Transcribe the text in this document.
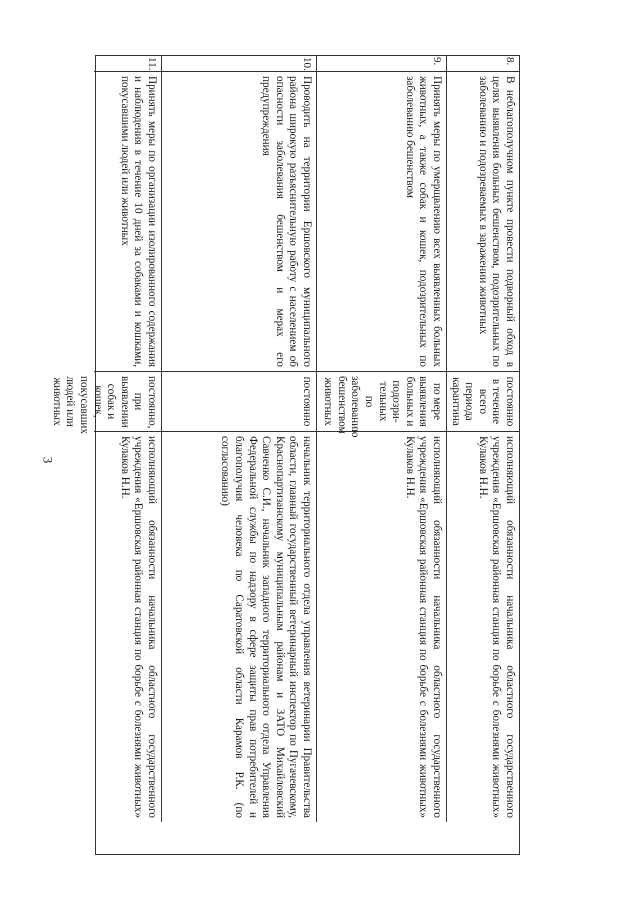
3
8.
В неблагополучном пункте провести подворный обход в целях выявления больных бешенством, подозрительных по заболеванию и подозреваемых в заражении животных
постоянно в течение всего периода карантина
исполняющий обязанности начальника областного государственного учреждения «Ершовская районная станция по борьбе с болезнями животных» Кулаков Н.Н.
9.
Принять меры по умерщвлению всех выявленных больных животных, а также собак и кошек, подозрительных по заболеванию бешенством
по мере выявления больных и подозри- тельных по заболеванию бешенством животных
исполняющий обязанности начальника областного государственного учреждения «Ершовская районная станция по борьбе с болезнями животных» Кулаков Н.Н.
10.
Проводить на территории Ершовского муниципального района широкую разъяснительную работу с населением об опасности заболевания бешенством и мерах его предупреждения
постоянно
начальник территориального отдела управления ветеринарии Правительства области, главный государственный ветеринарный инспектор по Пугачевскому, Краснопартизанскому муниципальным районам и ЗАТО Михайловский Савченко С.И., начальник западного территориального отдела Управления Федеральной службы по надзору в сфере защиты прав потребителей и благополучия человека по Саратовской области Карамов Р.К. (по согласованию)
11.
Принять меры по организации изолированного содержания и наблюдения в течение 10 дней за собаками и кошками, покусавшими людей или животных
постоянно, при выявлении собак и кошек, покусавших людей или животных
исполняющий обязанности начальника областного государственного учреждения «Ершовская районная станция по борьбе с болезнями животных» Кулаков Н.Н.
